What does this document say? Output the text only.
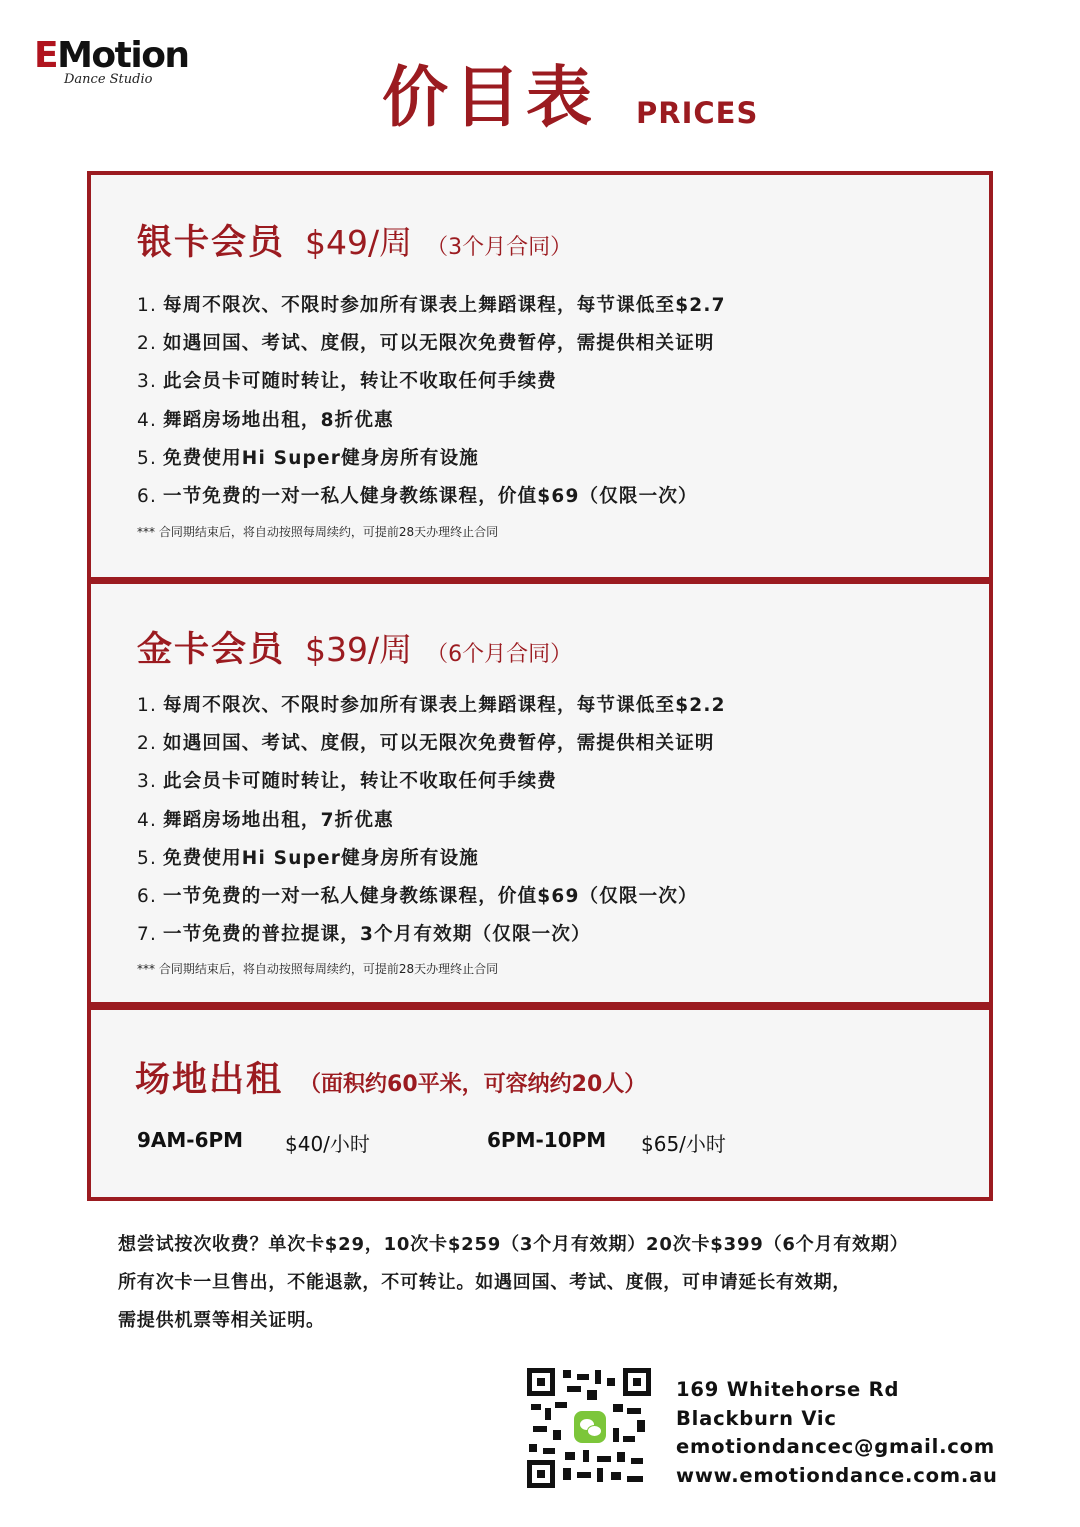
EMotion
Dance Studio	价目表 PRICES
银卡会员 $49/周 （3个月合同）
1. 每周不限次、不限时参加所有课表上舞蹈课程，每节课低至$2.7
2. 如遇回国、考试、度假，可以无限次免费暂停，需提供相关证明
3. 此会员卡可随时转让，转让不收取任何手续费
4. 舞蹈房场地出租，8折优惠
5. 免费使用Hi Super健身房所有设施
6. 一节免费的一对一私人健身教练课程，价值$69（仅限一次）
*** 合同期结束后，将自动按照每周续约，可提前28天办理终止合同
金卡会员 $39/周 （6个月合同）
1. 每周不限次、不限时参加所有课表上舞蹈课程，每节课低至$2.2
2. 如遇回国、考试、度假，可以无限次免费暂停，需提供相关证明
3. 此会员卡可随时转让，转让不收取任何手续费
4. 舞蹈房场地出租，7折优惠
5. 免费使用Hi Super健身房所有设施
6. 一节免费的一对一私人健身教练课程，价值$69（仅限一次）
7. 一节免费的普拉提课，3个月有效期（仅限一次）
*** 合同期结束后，将自动按照每周续约，可提前28天办理终止合同
场地出租 （面积约60平米，可容纳约20人）
9AM-6PM $40/小时	6PM-10PM $65/小时
想尝试按次收费？单次卡$29，10次卡$259（3个月有效期）20次卡$399（6个月有效期）
所有次卡一旦售出，不能退款，不可转让。如遇回国、考试、度假，可申请延长有效期，
需提供机票等相关证明。
169 Whitehorse Rd
Blackburn Vic
emotiondancec@gmail.com
www.emotiondance.com.au
